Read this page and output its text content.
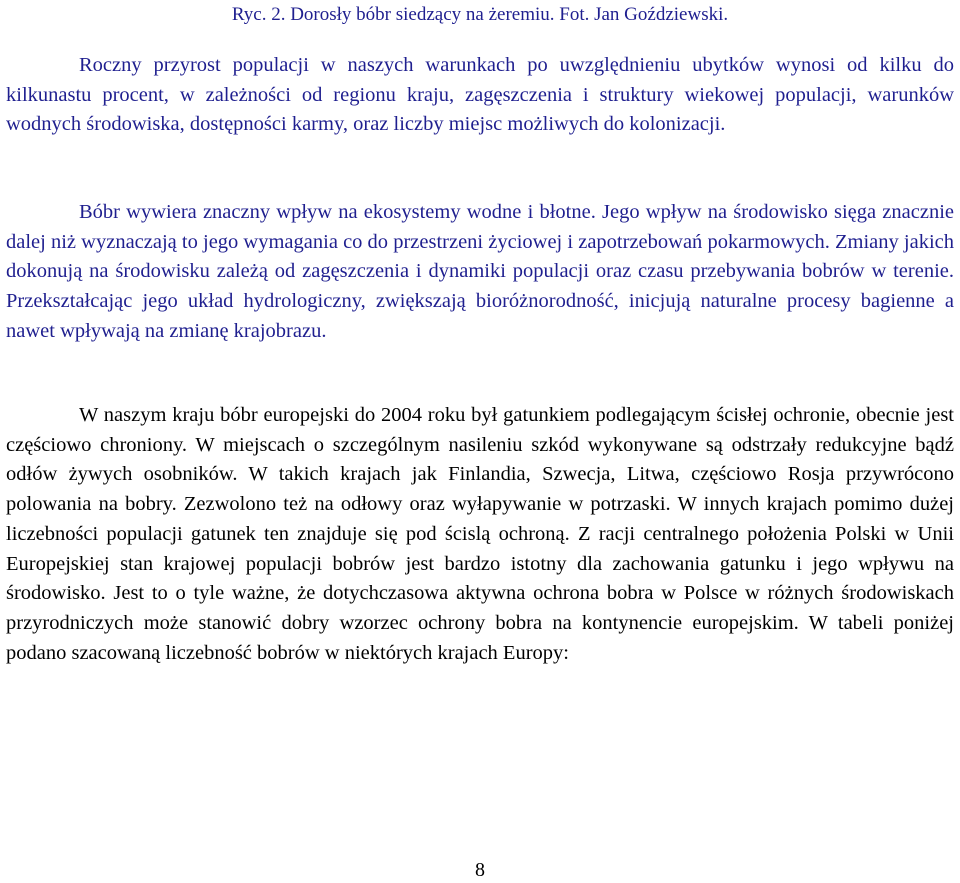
Ryc. 2. Dorosły bóbr siedzący na żeremiu. Fot. Jan Goździewski.

Roczny przyrost populacji w naszych warunkach po uwzględnieniu ubytków wynosi od kilku do kilkunastu procent, w zależności od regionu kraju, zagęszczenia i struktury wiekowej populacji, warunków wodnych środowiska, dostępności karmy, oraz liczby miejsc możliwych do kolonizacji.

Bóbr wywiera znaczny wpływ na ekosystemy wodne i błotne. Jego wpływ na środowisko sięga znacznie dalej niż wyznaczają to jego wymagania co do przestrzeni życiowej i zapotrzebowań pokarmowych. Zmiany jakich dokonują na środowisku zależą od zagęszczenia i dynamiki populacji oraz czasu przebywania bobrów w terenie. Przekształcając jego układ hydrologiczny, zwiększają bioróżnorodność, inicjują naturalne procesy bagienne a nawet wpływają na zmianę krajobrazu.

W naszym kraju bóbr europejski do 2004 roku był gatunkiem podlegającym ścisłej ochronie, obecnie jest częściowo chroniony. W miejscach o szczególnym nasileniu szkód wykonywane są odstrzały redukcyjne bądź odłów żywych osobników. W takich krajach jak Finlandia, Szwecja, Litwa, częściowo Rosja przywrócono polowania na bobry. Zezwolono też na odłowy oraz wyłapywanie w potrzaski. W innych krajach pomimo dużej liczebności populacji gatunek ten znajduje się pod ścislą ochroną. Z racji centralnego położenia Polski w Unii Europejskiej stan krajowej populacji bobrów jest bardzo istotny dla zachowania gatunku i jego wpływu na środowisko. Jest to o tyle ważne, że dotychczasowa aktywna ochrona bobra w Polsce w różnych środowiskach przyrodniczych może stanowić dobry wzorzec ochrony bobra na kontynencie europejskim. W tabeli poniżej podano szacowaną liczebność bobrów w niektórych krajach Europy:

8
